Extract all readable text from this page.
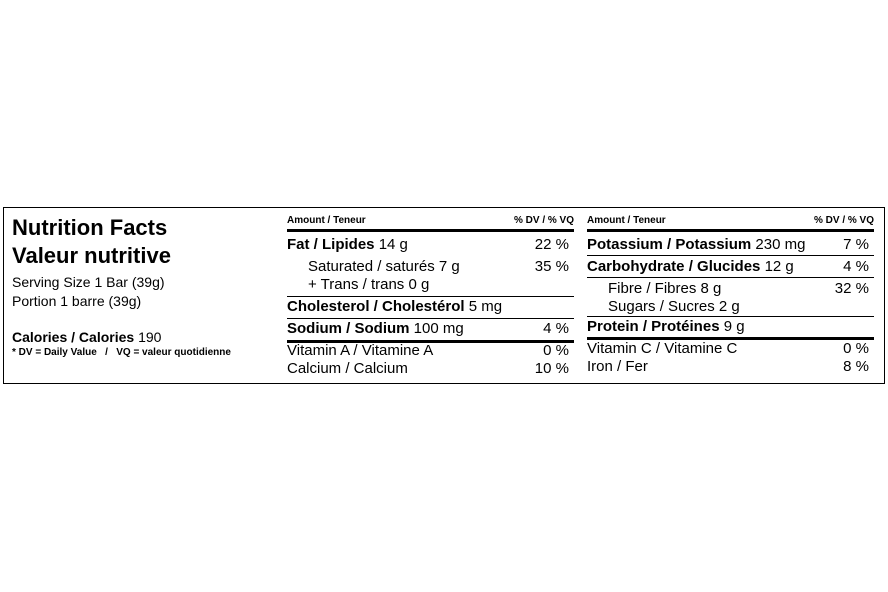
Nutrition Facts
Valeur nutritive
Serving Size 1 Bar (39g)
Portion 1 barre (39g)
Calories / Calories 190
* DV = Daily Value   /   VQ = valeur quotidienne
Amount / Teneur	% DV / % VQ
Fat / Lipides 14 g	22 %
Saturated / saturés 7 g	35 %
+ Trans / trans 0 g
Cholesterol / Cholestérol 5 mg
Sodium / Sodium 100 mg	4 %
Vitamin A / Vitamine A	0 %
Calcium / Calcium	10 %
Amount / Teneur	% DV / % VQ
Potassium / Potassium 230 mg	7 %
Carbohydrate / Glucides 12 g	4 %
Fibre / Fibres 8 g	32 %
Sugars / Sucres 2 g
Protein / Protéines 9 g
Vitamin C / Vitamine C	0 %
Iron / Fer	8 %
